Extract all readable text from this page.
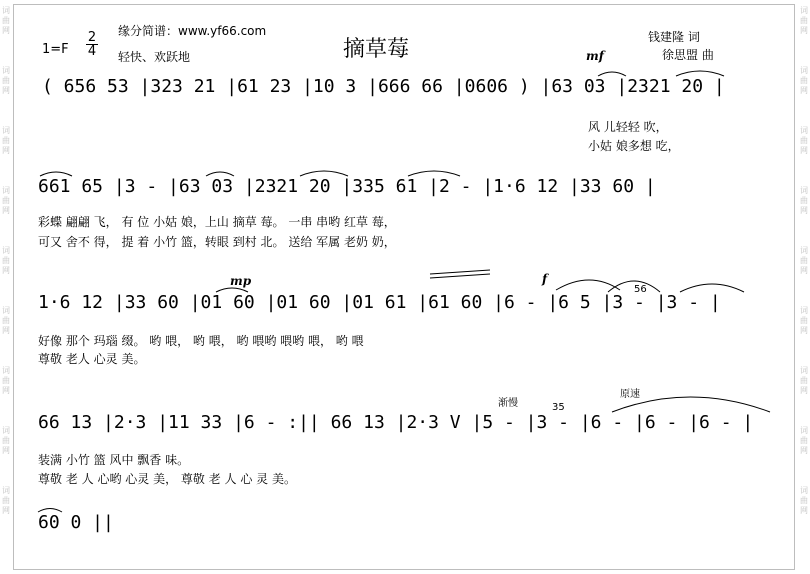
词曲网
词曲网
词曲网
词曲网
词曲网
词曲网
词曲网
词曲网
词曲网
词曲网
词曲网
词曲网
词曲网
词曲网
词曲网
词曲网
词曲网
词曲网
缘分简谱：www.yf66.com
摘草莓
$1=F \frac{2}{4}$ 轻快、欢跃地
钱建隆 词
徐思盟 曲
mf
( 656 53 |323 21 |61 23 |10 3 |666 66 |0606 ) |63 03 |2321 20 |
风 儿轻轻 吹，
小姑 娘多想 吃，
661 65 |3 - |63 03 |2321 20 |335 61 |2 - |1·6 12 |33 60 |
彩蝶 翩翩 飞， 有 位 小姑 娘，上山 摘草 莓。 一串 串哟 红草 莓，
可又 舍不 得， 提 着 小竹 篮，转眼 到村 北。 送给 军属 老奶 奶，
mp	f
56
1·6 12 |33 60 |01 60 |01 60 |01 61 |61 60 |6 - |6 5 |3 - |3 - |
好像 那个 玛瑙 缀。 哟 喂， 哟 喂， 哟 喂哟 喂哟 喂， 哟 喂
尊敬 老人 心灵 美。
渐慢
原速
35
66 13 |2·3 |11 33 |6 - :|| 66 13 |2·3 V |5 - |3 - |6 - |6 - |6 - |
装满 小竹 篮 风中 飘香 味。
尊敬 老 人 心哟 心灵 美， 尊敬 老 人 心 灵 美。
60 0 ||
